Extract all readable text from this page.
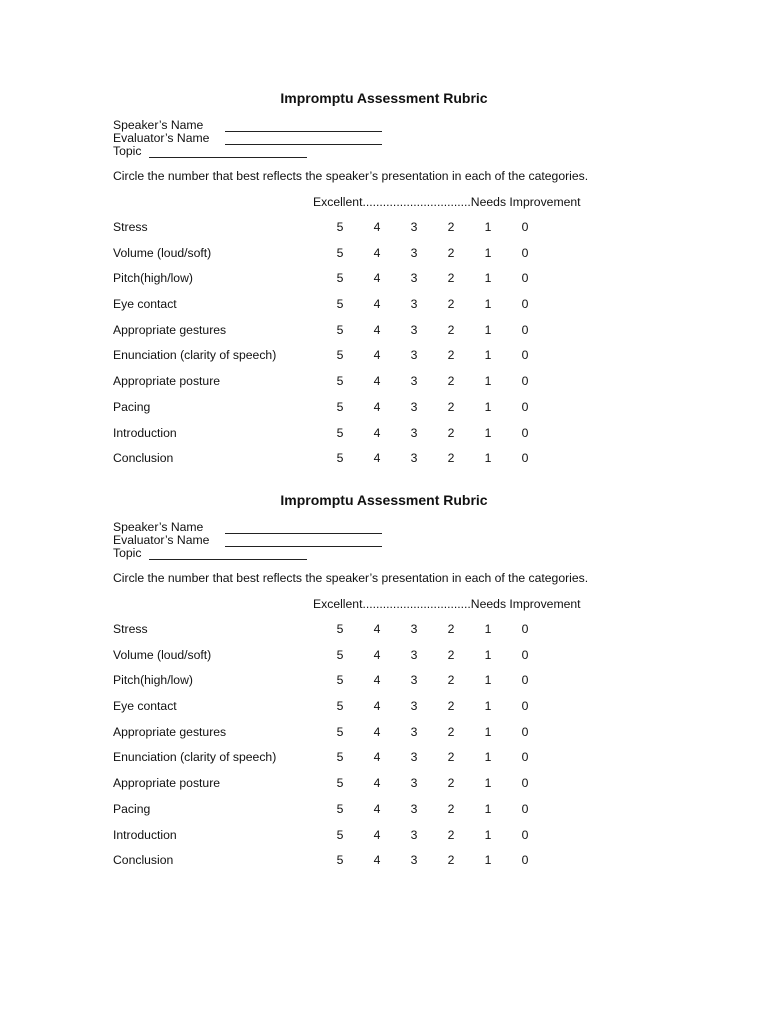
Impromptu Assessment Rubric
Speaker’s Name
Evaluator’s Name
Topic
Circle the number that best reflects the speaker’s presentation in each of the categories.
Excellent................................Needs Improvement
Stress	5 4 3 2 1 0
Volume (loud/soft)	5 4 3 2 1 0
Pitch(high/low)	5 4 3 2 1 0
Eye contact	5 4 3 2 1 0
Appropriate gestures	5 4 3 2 1 0
Enunciation (clarity of speech)	5 4 3 2 1 0
Appropriate posture	5 4 3 2 1 0
Pacing	5 4 3 2 1 0
Introduction	5 4 3 2 1 0
Conclusion	5 4 3 2 1 0
Impromptu Assessment Rubric
Speaker’s Name
Evaluator’s Name
Topic
Circle the number that best reflects the speaker’s presentation in each of the categories.
Excellent................................Needs Improvement
Stress	5 4 3 2 1 0
Volume (loud/soft)	5 4 3 2 1 0
Pitch(high/low)	5 4 3 2 1 0
Eye contact	5 4 3 2 1 0
Appropriate gestures	5 4 3 2 1 0
Enunciation (clarity of speech)	5 4 3 2 1 0
Appropriate posture	5 4 3 2 1 0
Pacing	5 4 3 2 1 0
Introduction	5 4 3 2 1 0
Conclusion	5 4 3 2 1 0
